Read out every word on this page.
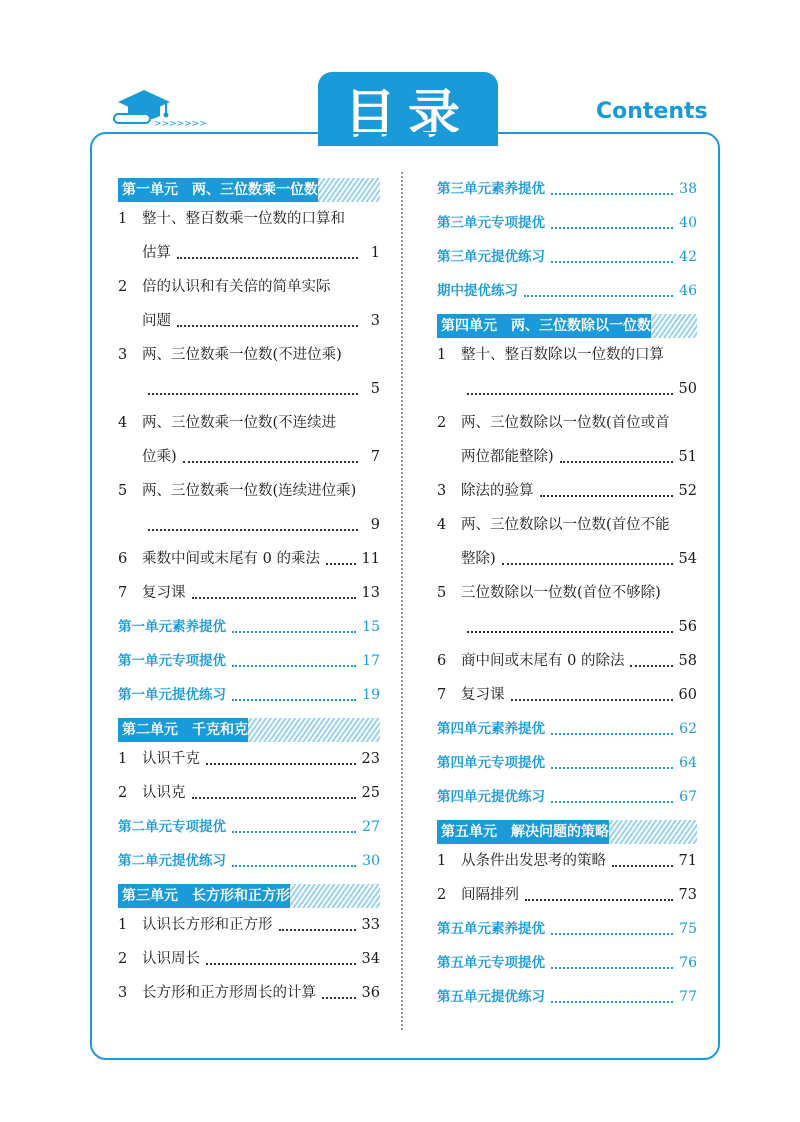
>>>>>>>	目录	Contents
第一单元　两、三位数乘一位数
1	整十、整百数乘一位数的口算和
估算	1
2	倍的认识和有关倍的简单实际
问题	3
3	两、三位数乘一位数(不进位乘)
5
4	两、三位数乘一位数(不连续进
位乘)	7
5	两、三位数乘一位数(连续进位乘)
9
6	乘数中间或末尾有 0 的乘法	11
7	复习课	13
第一单元素养提优	15
第一单元专项提优	17
第一单元提优练习	19
第二单元　千克和克
1	认识千克	23
2	认识克	25
第二单元专项提优	27
第二单元提优练习	30
第三单元　长方形和正方形
1	认识长方形和正方形	33
2	认识周长	34
3	长方形和正方形周长的计算	36
第三单元素养提优	38
第三单元专项提优	40
第三单元提优练习	42
期中提优练习	46
第四单元　两、三位数除以一位数
1	整十、整百数除以一位数的口算
50
2	两、三位数除以一位数(首位或首
两位都能整除)	51
3	除法的验算	52
4	两、三位数除以一位数(首位不能
整除)	54
5	三位数除以一位数(首位不够除)
56
6	商中间或末尾有 0 的除法	58
7	复习课	60
第四单元素养提优	62
第四单元专项提优	64
第四单元提优练习	67
第五单元　解决问题的策略
1	从条件出发思考的策略	71
2	间隔排列	73
第五单元素养提优	75
第五单元专项提优	76
第五单元提优练习	77
